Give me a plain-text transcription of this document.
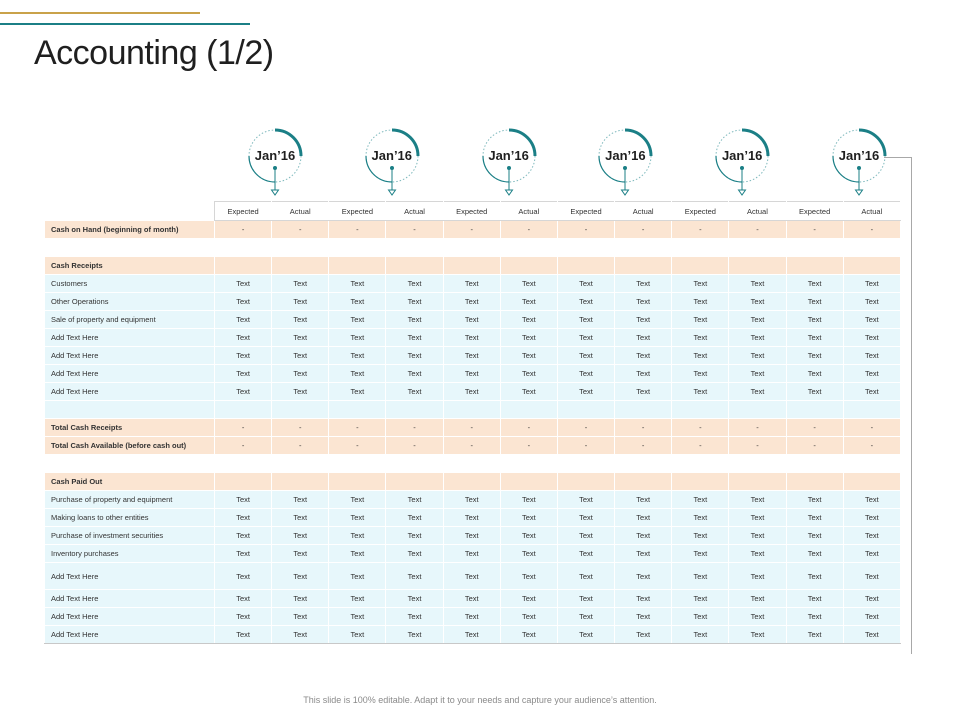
Accounting (1/2)
Jan’16	Jan’16	Jan’16	Jan’16	Jan’16	Jan’16
	Expected	Actual	Expected	Actual	Expected	Actual	Expected	Actual	Expected	Actual	Expected	Actual
Cash on Hand (beginning of month)	-	-	-	-	-	-	-	-	-	-	-	-

Cash Receipts												
Customers	Text	Text	Text	Text	Text	Text	Text	Text	Text	Text	Text	Text
Other Operations	Text	Text	Text	Text	Text	Text	Text	Text	Text	Text	Text	Text
Sale of property and equipment	Text	Text	Text	Text	Text	Text	Text	Text	Text	Text	Text	Text
Add Text Here	Text	Text	Text	Text	Text	Text	Text	Text	Text	Text	Text	Text
Add Text Here	Text	Text	Text	Text	Text	Text	Text	Text	Text	Text	Text	Text
Add Text Here	Text	Text	Text	Text	Text	Text	Text	Text	Text	Text	Text	Text
Add Text Here	Text	Text	Text	Text	Text	Text	Text	Text	Text	Text	Text	Text

Total Cash Receipts	-	-	-	-	-	-	-	-	-	-	-	-
Total Cash Available (before cash out)	-	-	-	-	-	-	-	-	-	-	-	-

Cash Paid Out												
Purchase of property and equipment	Text	Text	Text	Text	Text	Text	Text	Text	Text	Text	Text	Text
Making loans to other entities	Text	Text	Text	Text	Text	Text	Text	Text	Text	Text	Text	Text
Purchase of investment securities	Text	Text	Text	Text	Text	Text	Text	Text	Text	Text	Text	Text
Inventory purchases	Text	Text	Text	Text	Text	Text	Text	Text	Text	Text	Text	Text
Add Text Here	Text	Text	Text	Text	Text	Text	Text	Text	Text	Text	Text	Text
Add Text Here	Text	Text	Text	Text	Text	Text	Text	Text	Text	Text	Text	Text
Add Text Here	Text	Text	Text	Text	Text	Text	Text	Text	Text	Text	Text	Text
Add Text Here	Text	Text	Text	Text	Text	Text	Text	Text	Text	Text	Text	Text
This slide is 100% editable. Adapt it to your needs and capture your audience’s attention.
